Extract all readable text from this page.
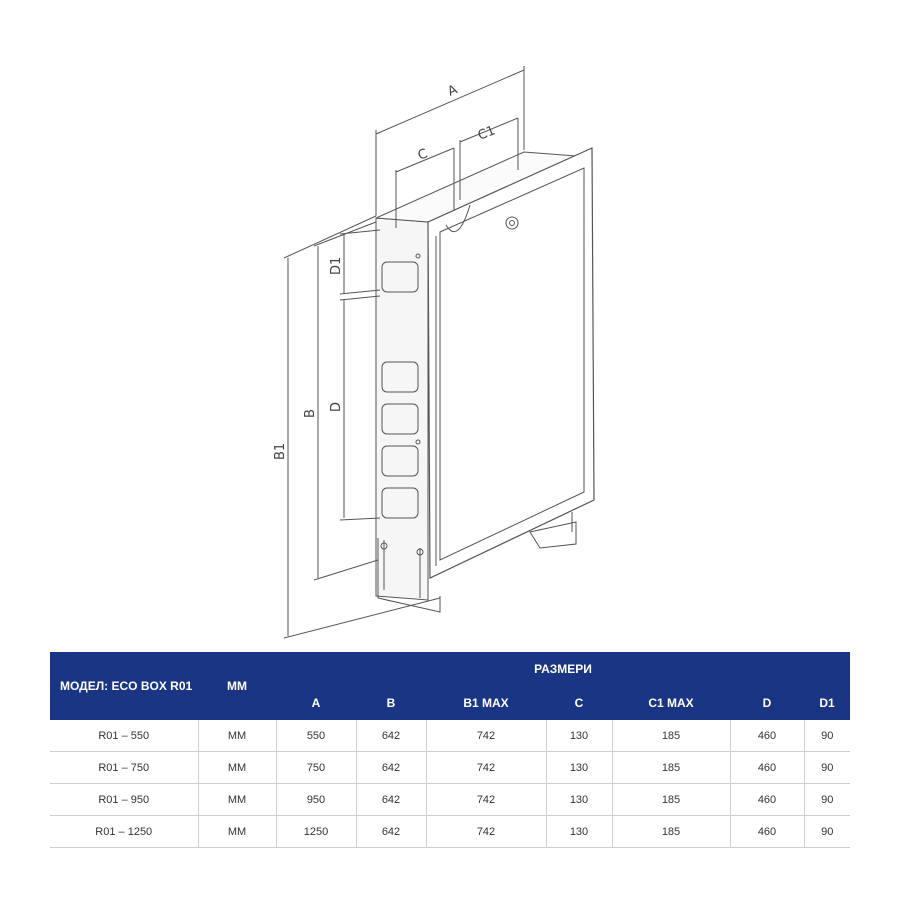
A
C
C1
D1
B
D
B1
МОДЕЛ: ECO BOX R01	ММ	РАЗМЕРИ						
		A	B	B1 MAX	C	C1 MAX	D	D1
R01 – 550	ММ	550	642	742	130	185	460	90
R01 – 750	ММ	750	642	742	130	185	460	90
R01 – 950	ММ	950	642	742	130	185	460	90
R01 – 1250	ММ	1250	642	742	130	185	460	90
